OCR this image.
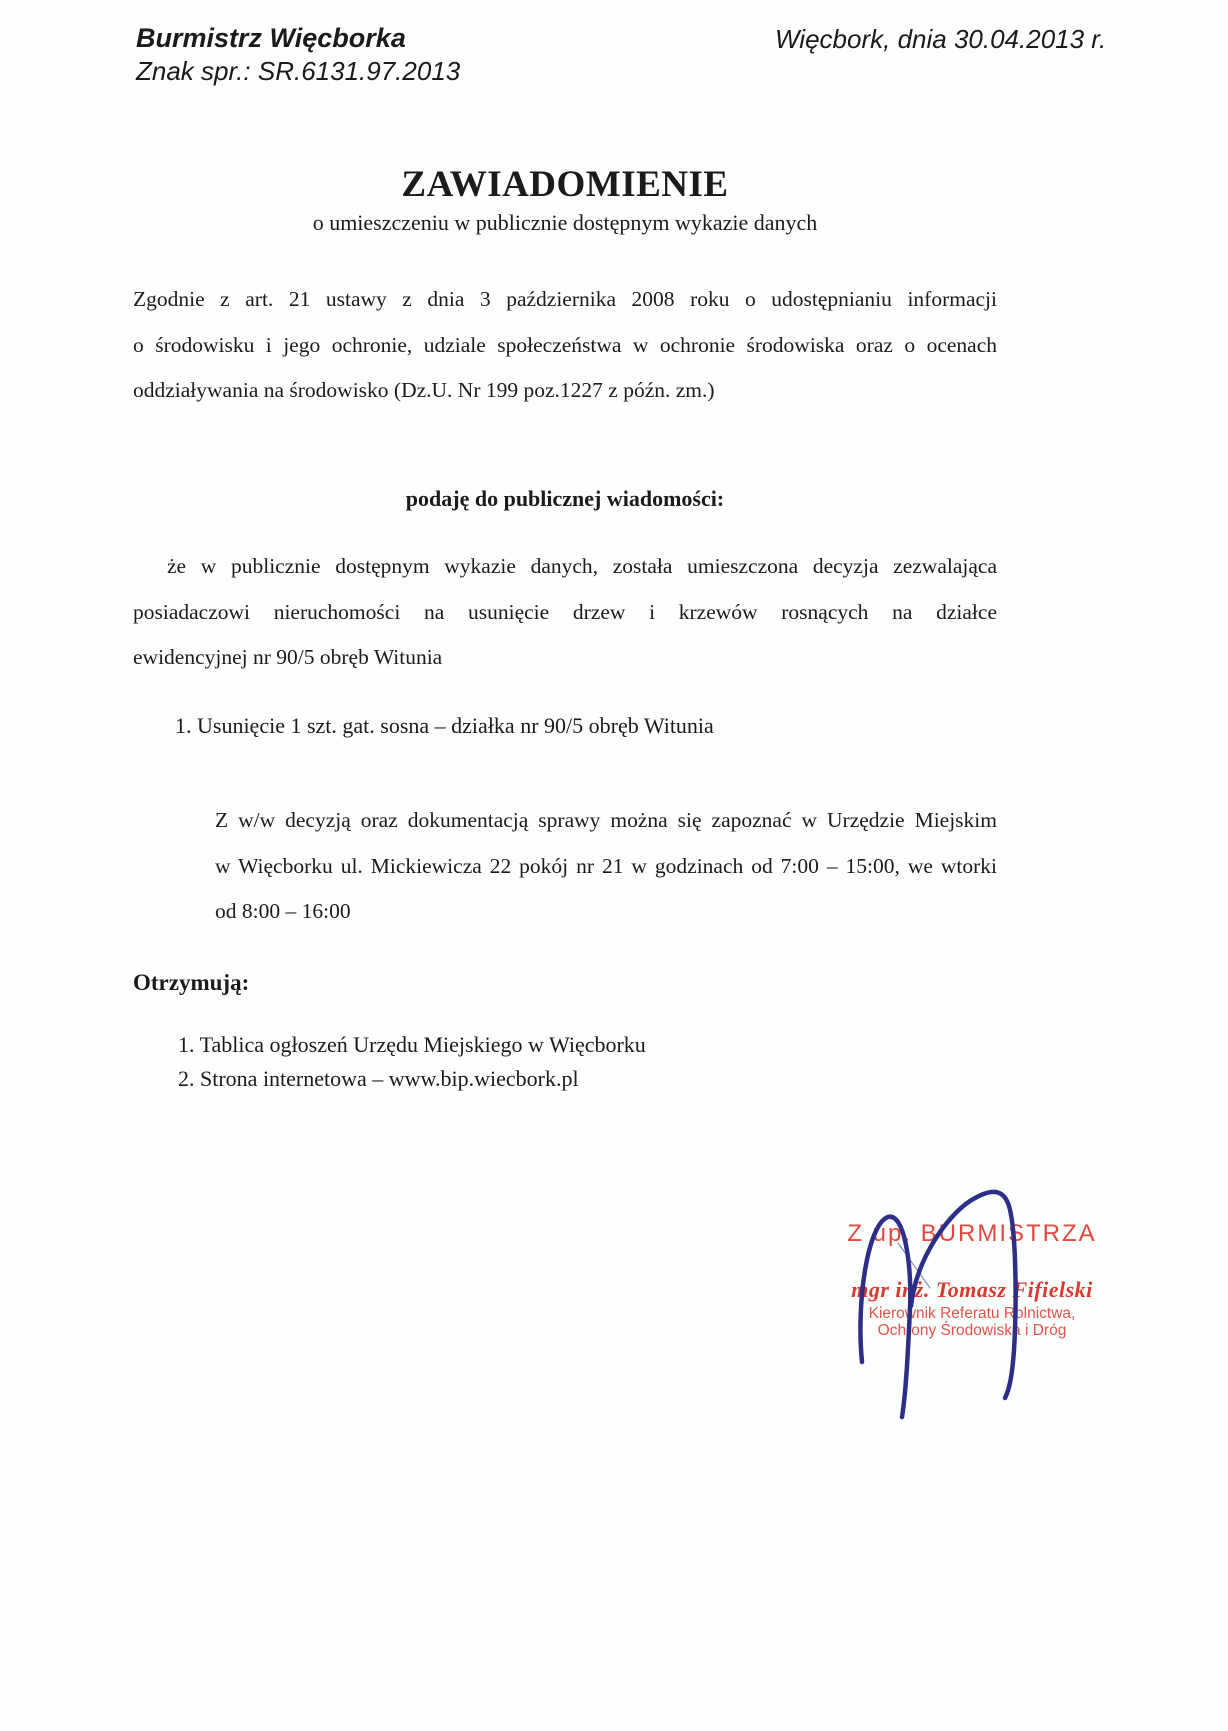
Burmistrz Więcborka
Znak spr.: SR.6131.97.2013
Więcbork, dnia 30.04.2013 r.
ZAWIADOMIENIE
o umieszczeniu w publicznie dostępnym wykazie danych
Zgodnie z art. 21 ustawy z dnia 3 października 2008 roku o udostępnianiu informacji
o środowisku i jego ochronie, udziale społeczeństwa w ochronie środowiska oraz o ocenach
oddziaływania na środowisko (Dz.U. Nr 199 poz.1227 z późn. zm.)
podaję do publicznej wiadomości:
że w publicznie dostępnym wykazie danych, została umieszczona decyzja zezwalająca
posiadaczowi nieruchomości na usunięcie drzew i krzewów rosnących na działce
ewidencyjnej nr 90/5 obręb Witunia
1. Usunięcie 1 szt. gat. sosna – działka nr 90/5 obręb Witunia
Z w/w decyzją oraz dokumentacją sprawy można się zapoznać w Urzędzie Miejskim
w Więcborku ul. Mickiewicza 22 pokój nr 21 w godzinach od 7:00 – 15:00, we wtorki
od 8:00 – 16:00
Otrzymują:
1. Tablica ogłoszeń Urzędu Miejskiego w Więcborku
2. Strona internetowa – www.bip.wiecbork.pl
Z up. BURMISTRZA
mgr inż. Tomasz Fifielski
Kierownik Referatu Rolnictwa,
Ochrony Środowiska i Dróg
